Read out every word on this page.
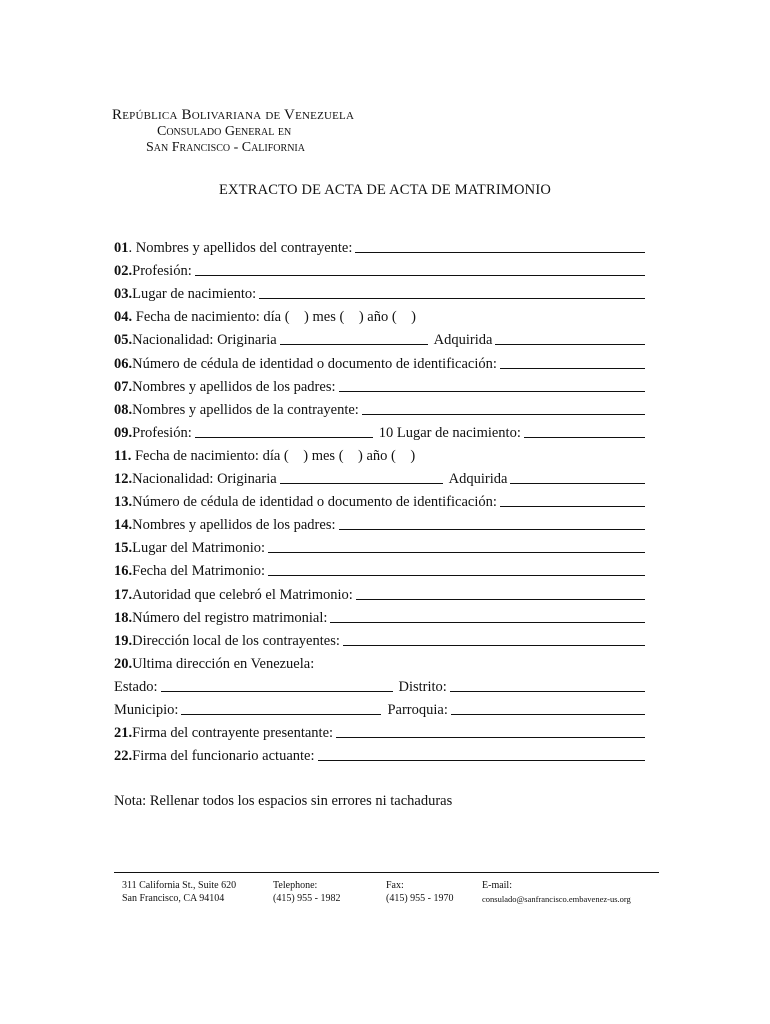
República Bolivariana de Venezuela
Consulado General en
San Francisco - California
EXTRACTO DE ACTA DE ACTA DE MATRIMONIO
01 . Nombres y apellidos del contrayente:
02. Profesión:
03. Lugar de nacimiento:
04. Fecha de nacimiento: día (    ) mes (    ) año (    )
05. Nacionalidad: Originaria	Adquirida
06. Número de cédula de identidad o documento de identificación:
07. Nombres y apellidos de los padres:
08. Nombres y apellidos de la contrayente:
09. Profesión:	10 Lugar de nacimiento:
11. Fecha de nacimiento: día (    ) mes (    ) año (    )
12. Nacionalidad: Originaria	Adquirida
13. Número de cédula de identidad o documento de identificación:
14. Nombres y apellidos de los padres:
15. Lugar del Matrimonio:
16. Fecha del Matrimonio:
17. Autoridad que celebró el Matrimonio:
18. Número del registro matrimonial:
19. Dirección local de los contrayentes:
20. Ultima dirección en Venezuela:
Estado:	Distrito:
Municipio:	Parroquia:
21. Firma del contrayente presentante:
22. Firma del funcionario actuante:
Nota: Rellenar todos los espacios sin errores ni tachaduras
311 California St., Suite 620
San Francisco, CA 94104
Telephone:
(415) 955 - 1982
Fax:
(415) 955 - 1970
E-mail:
consulado@sanfrancisco.embavenez-us.org
